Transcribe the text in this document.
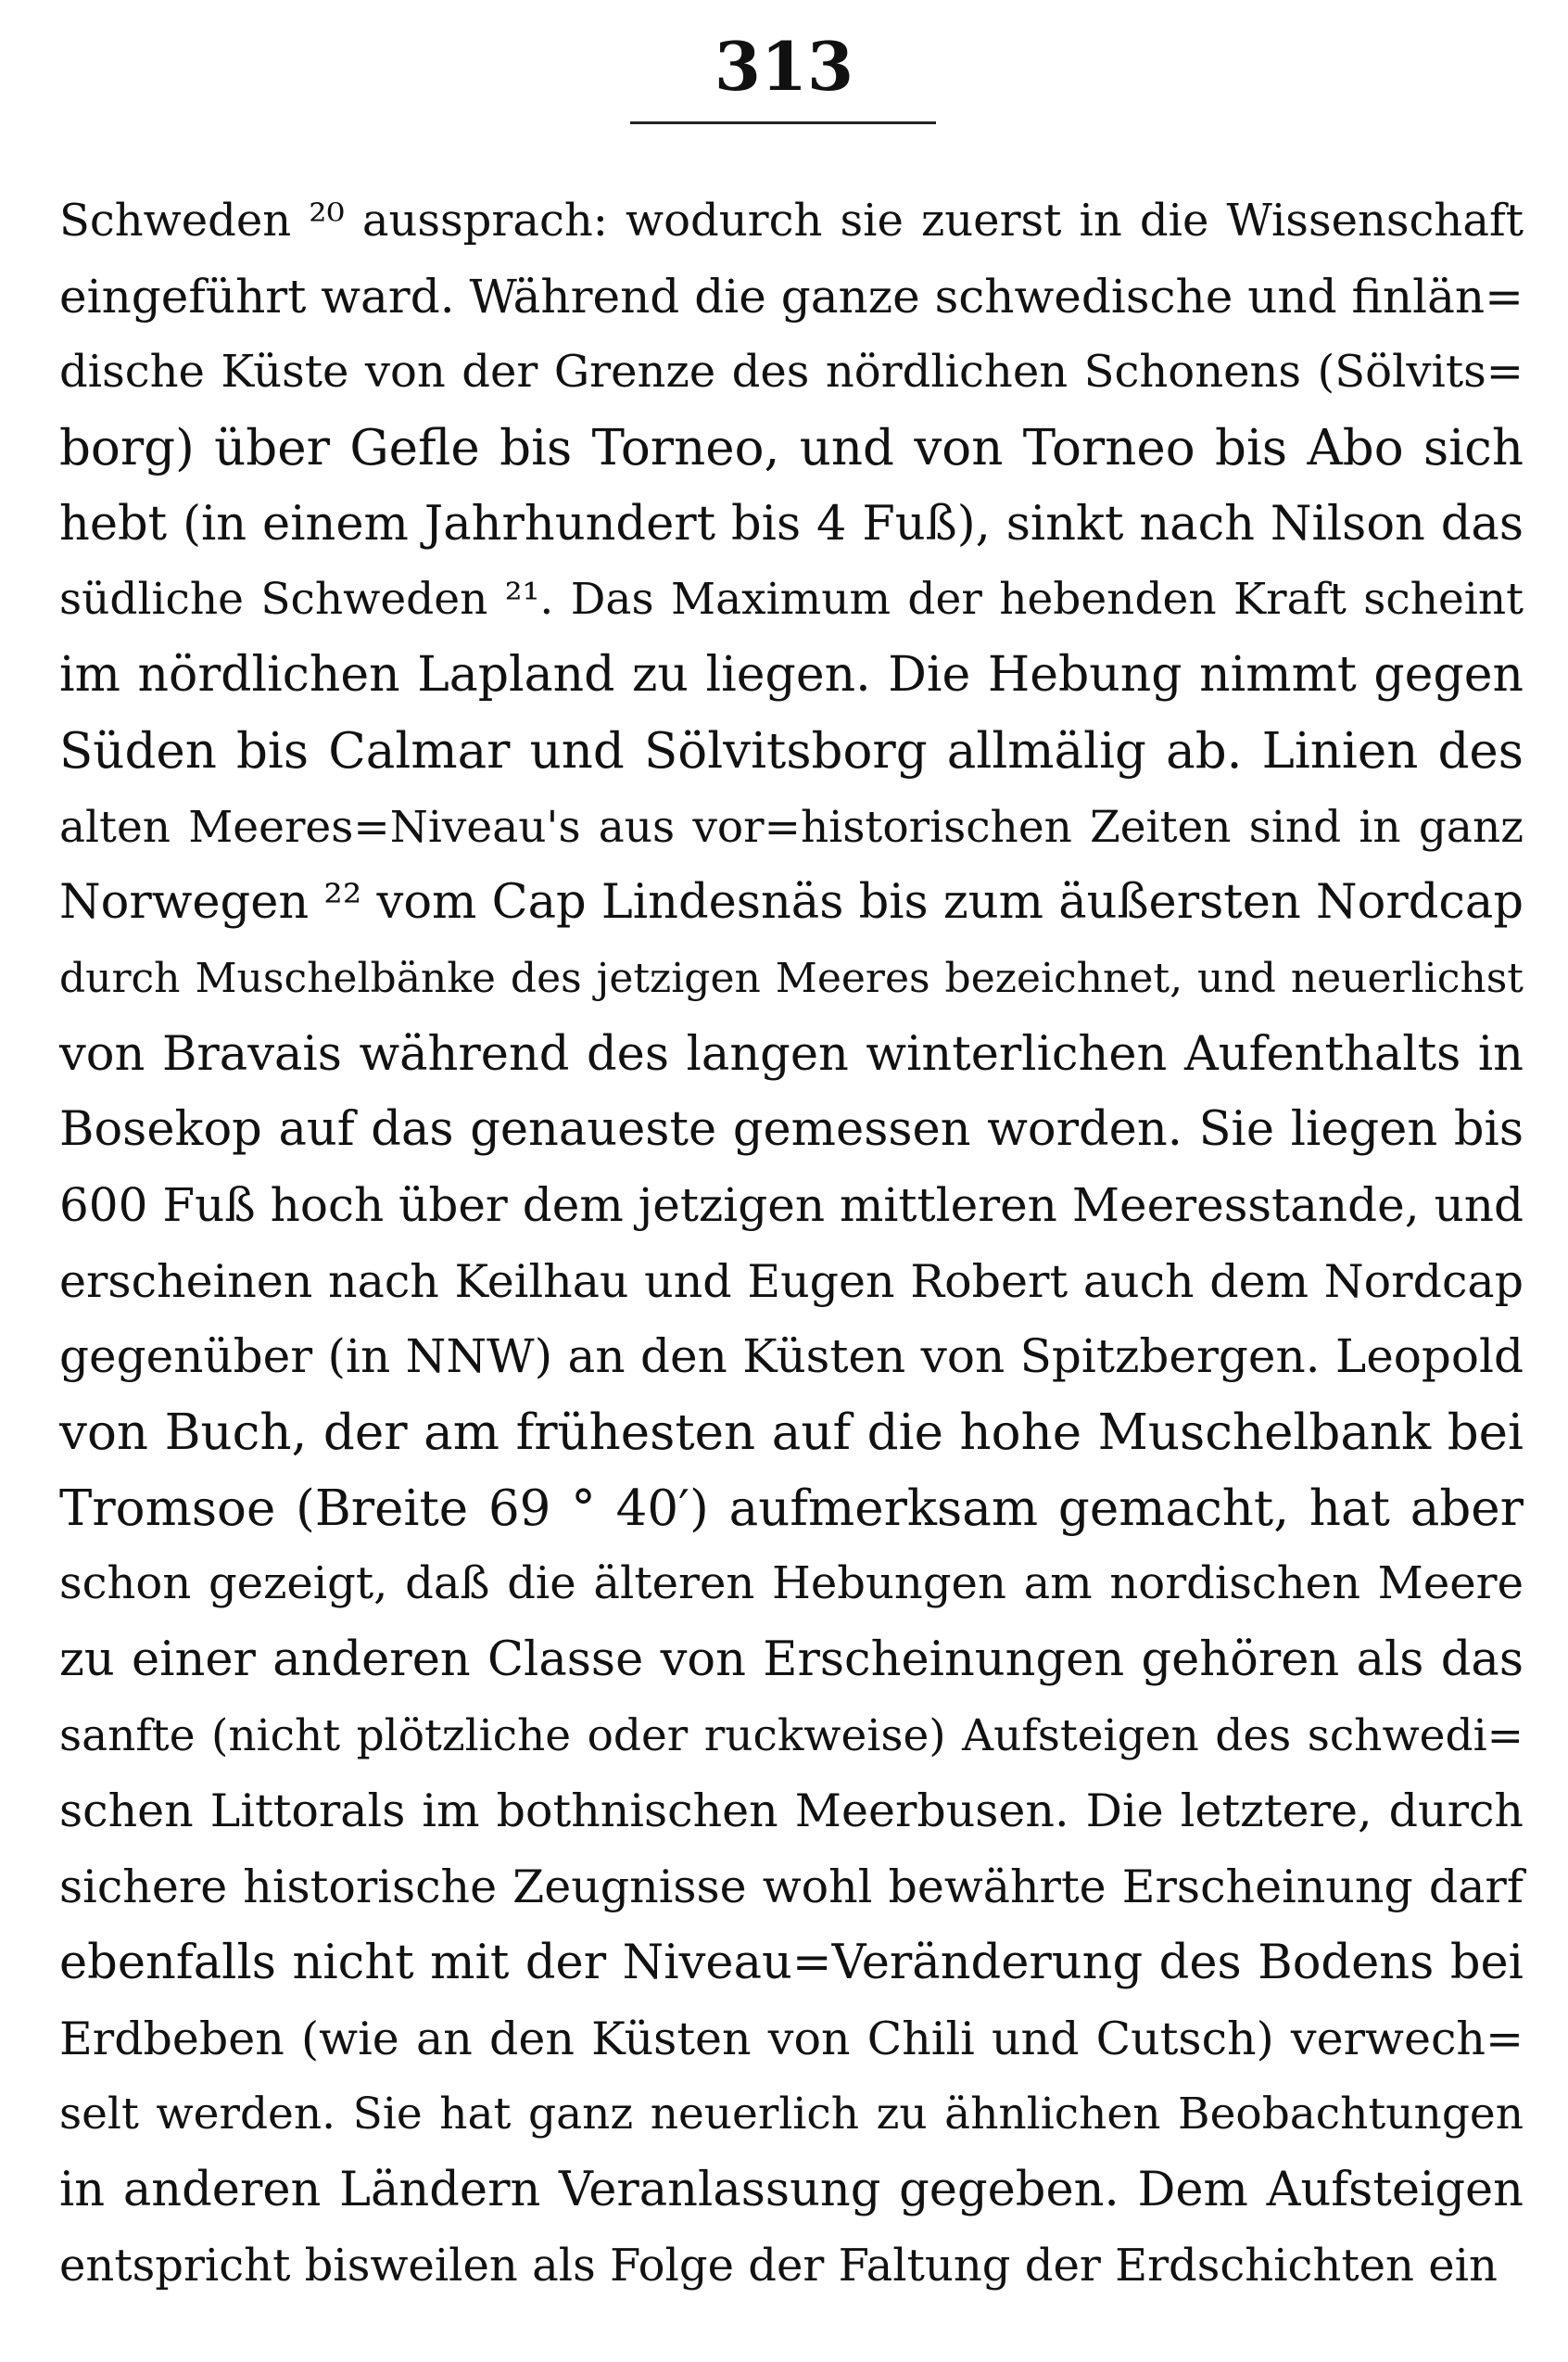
313
Schweden ²⁰ aussprach: wodurch sie zuerst in die Wissenschaft
eingeführt ward. Während die ganze schwedische und finlän=
dische Küste von der Grenze des nördlichen Schonens (Sölvits=
borg) über Gefle bis Torneo, und von Torneo bis Abo sich
hebt (in einem Jahrhundert bis 4 Fuß), sinkt nach Nilson das
südliche Schweden ²¹. Das Maximum der hebenden Kraft scheint
im nördlichen Lapland zu liegen. Die Hebung nimmt gegen
Süden bis Calmar und Sölvitsborg allmälig ab. Linien des
alten Meeres=Niveau's aus vor=historischen Zeiten sind in ganz
Norwegen ²² vom Cap Lindesnäs bis zum äußersten Nordcap
durch Muschelbänke des jetzigen Meeres bezeichnet, und neuerlichst
von Bravais während des langen winterlichen Aufenthalts in
Bosekop auf das genaueste gemessen worden. Sie liegen bis
600 Fuß hoch über dem jetzigen mittleren Meeresstande, und
erscheinen nach Keilhau und Eugen Robert auch dem Nordcap
gegenüber (in NNW) an den Küsten von Spitzbergen. Leopold
von Buch, der am frühesten auf die hohe Muschelbank bei
Tromsoe (Breite 69 ° 40′) aufmerksam gemacht, hat aber
schon gezeigt, daß die älteren Hebungen am nordischen Meere
zu einer anderen Classe von Erscheinungen gehören als das
sanfte (nicht plötzliche oder ruckweise) Aufsteigen des schwedi=
schen Littorals im bothnischen Meerbusen. Die letztere, durch
sichere historische Zeugnisse wohl bewährte Erscheinung darf
ebenfalls nicht mit der Niveau=Veränderung des Bodens bei
Erdbeben (wie an den Küsten von Chili und Cutsch) verwech=
selt werden. Sie hat ganz neuerlich zu ähnlichen Beobachtungen
in anderen Ländern Veranlassung gegeben. Dem Aufsteigen
entspricht bisweilen als Folge der Faltung der Erdschichten ein
